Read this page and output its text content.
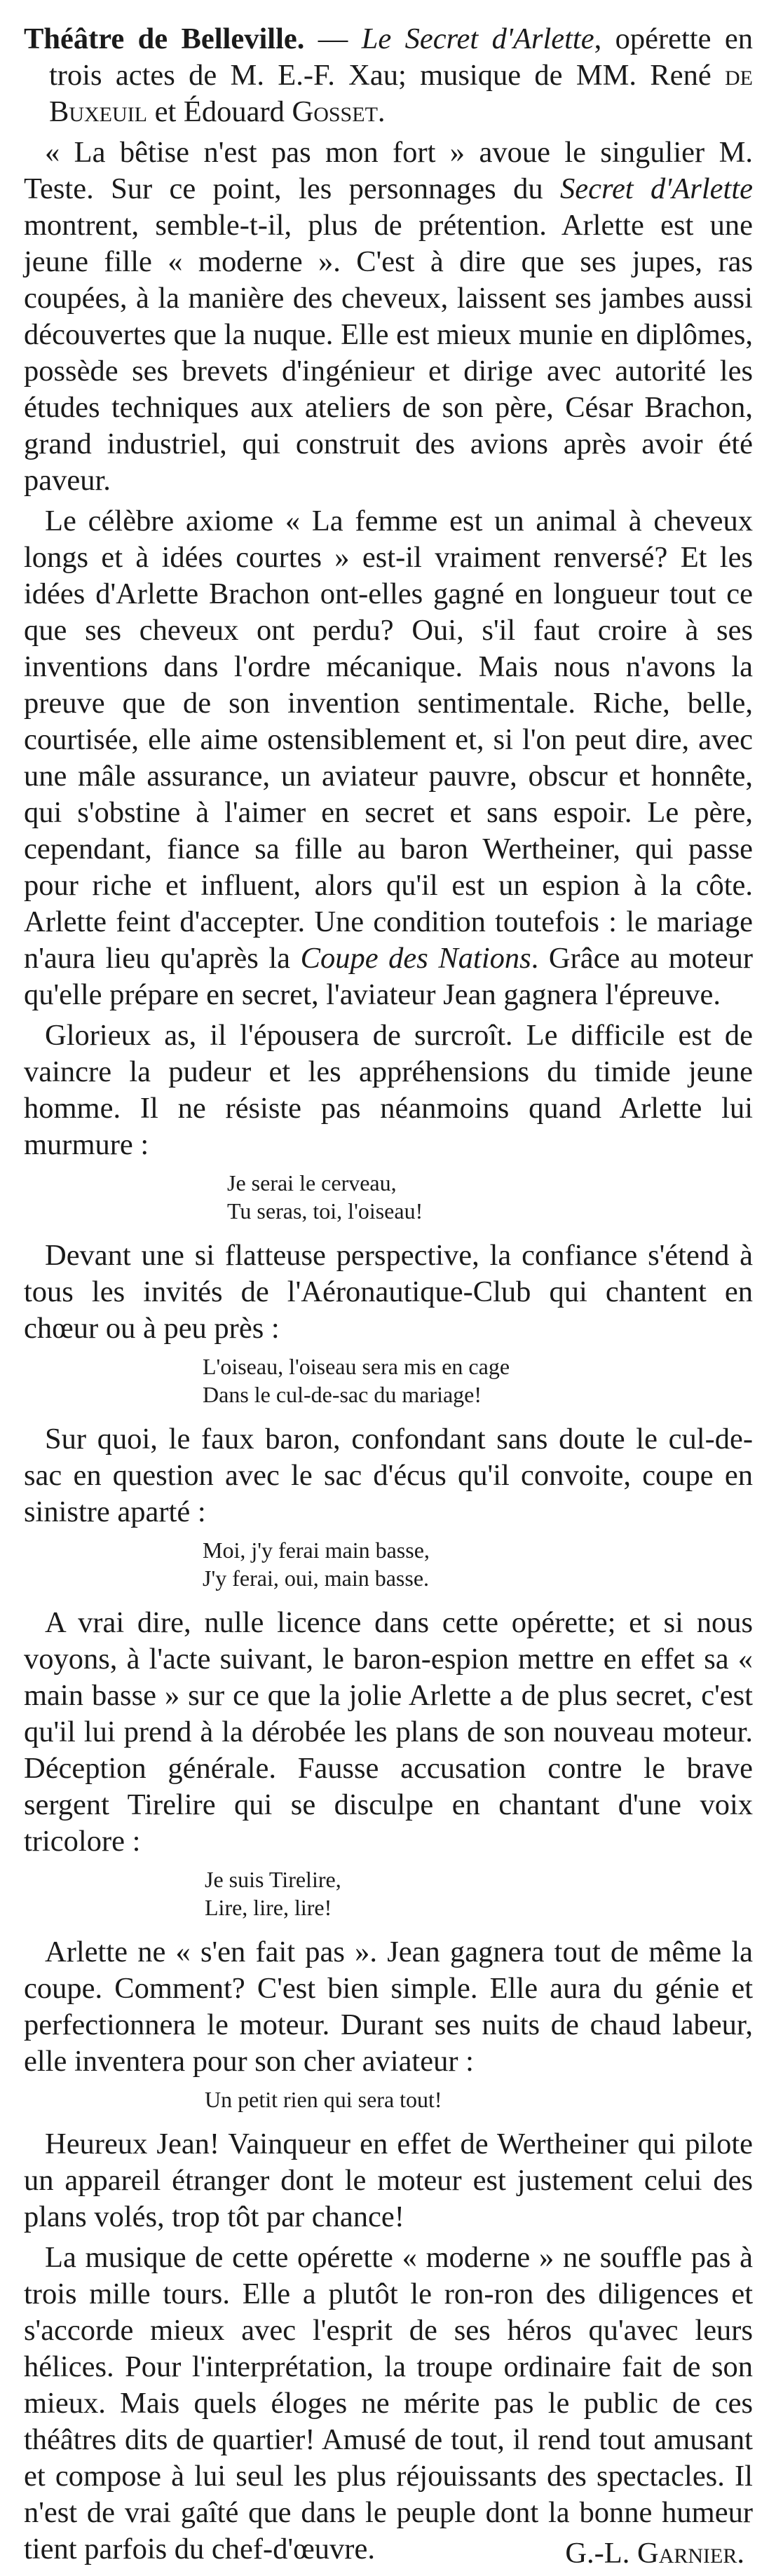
Théâtre de Belleville. — Le Secret d'Arlette, opérette en trois actes de M. E.-F. Xau; musique de MM. René de Buxeuil et Édouard Gosset.

« La bêtise n'est pas mon fort » avoue le singulier M. Teste. Sur ce point, les personnages du Secret d'Arlette montrent, semble-t-il, plus de prétention. Arlette est une jeune fille « moderne ». C'est à dire que ses jupes, ras coupées, à la manière des cheveux, laissent ses jambes aussi découvertes que la nuque. Elle est mieux munie en diplômes, possède ses brevets d'ingénieur et dirige avec autorité les études techniques aux ateliers de son père, César Brachon, grand industriel, qui construit des avions après avoir été paveur.

Le célèbre axiome « La femme est un animal à cheveux longs et à idées courtes » est-il vraiment renversé? Et les idées d'Arlette Brachon ont-elles gagné en longueur tout ce que ses cheveux ont perdu? Oui, s'il faut croire à ses inventions dans l'ordre mécanique. Mais nous n'avons la preuve que de son invention sentimentale. Riche, belle, courtisée, elle aime ostensiblement et, si l'on peut dire, avec une mâle assurance, un aviateur pauvre, obscur et honnête, qui s'obstine à l'aimer en secret et sans espoir. Le père, cependant, fiance sa fille au baron Wertheiner, qui passe pour riche et influent, alors qu'il est un espion à la côte. Arlette feint d'accepter. Une condition toutefois : le mariage n'aura lieu qu'après la Coupe des Nations. Grâce au moteur qu'elle prépare en secret, l'aviateur Jean gagnera l'épreuve.

Glorieux as, il l'épousera de surcroît. Le difficile est de vaincre la pudeur et les appréhensions du timide jeune homme. Il ne résiste pas néanmoins quand Arlette lui murmure :

Je serai le cerveau,
Tu seras, toi, l'oiseau!

Devant une si flatteuse perspective, la confiance s'étend à tous les invités de l'Aéronautique-Club qui chantent en chœur ou à peu près :

L'oiseau, l'oiseau sera mis en cage
Dans le cul-de-sac du mariage!

Sur quoi, le faux baron, confondant sans doute le cul-de-sac en question avec le sac d'écus qu'il convoite, coupe en sinistre aparté :

Moi, j'y ferai main basse,
J'y ferai, oui, main basse.

A vrai dire, nulle licence dans cette opérette; et si nous voyons, à l'acte suivant, le baron-espion mettre en effet sa « main basse » sur ce que la jolie Arlette a de plus secret, c'est qu'il lui prend à la dérobée les plans de son nouveau moteur. Déception générale. Fausse accusation contre le brave sergent Tirelire qui se disculpe en chantant d'une voix tricolore :

Je suis Tirelire,
Lire, lire, lire!

Arlette ne « s'en fait pas ». Jean gagnera tout de même la coupe. Comment? C'est bien simple. Elle aura du génie et perfectionnera le moteur. Durant ses nuits de chaud labeur, elle inventera pour son cher aviateur :

Un petit rien qui sera tout!

Heureux Jean! Vainqueur en effet de Wertheiner qui pilote un appareil étranger dont le moteur est justement celui des plans volés, trop tôt par chance!

La musique de cette opérette « moderne » ne souffle pas à trois mille tours. Elle a plutôt le ron-ron des diligences et s'accorde mieux avec l'esprit de ses héros qu'avec leurs hélices. Pour l'interprétation, la troupe ordinaire fait de son mieux. Mais quels éloges ne mérite pas le public de ces théâtres dits de quartier! Amusé de tout, il rend tout amusant et compose à lui seul les plus réjouissants des spectacles. Il n'est de vrai gaîté que dans le peuple dont la bonne humeur tient parfois du chef-d'œuvre.	G.-L. Garnier.
